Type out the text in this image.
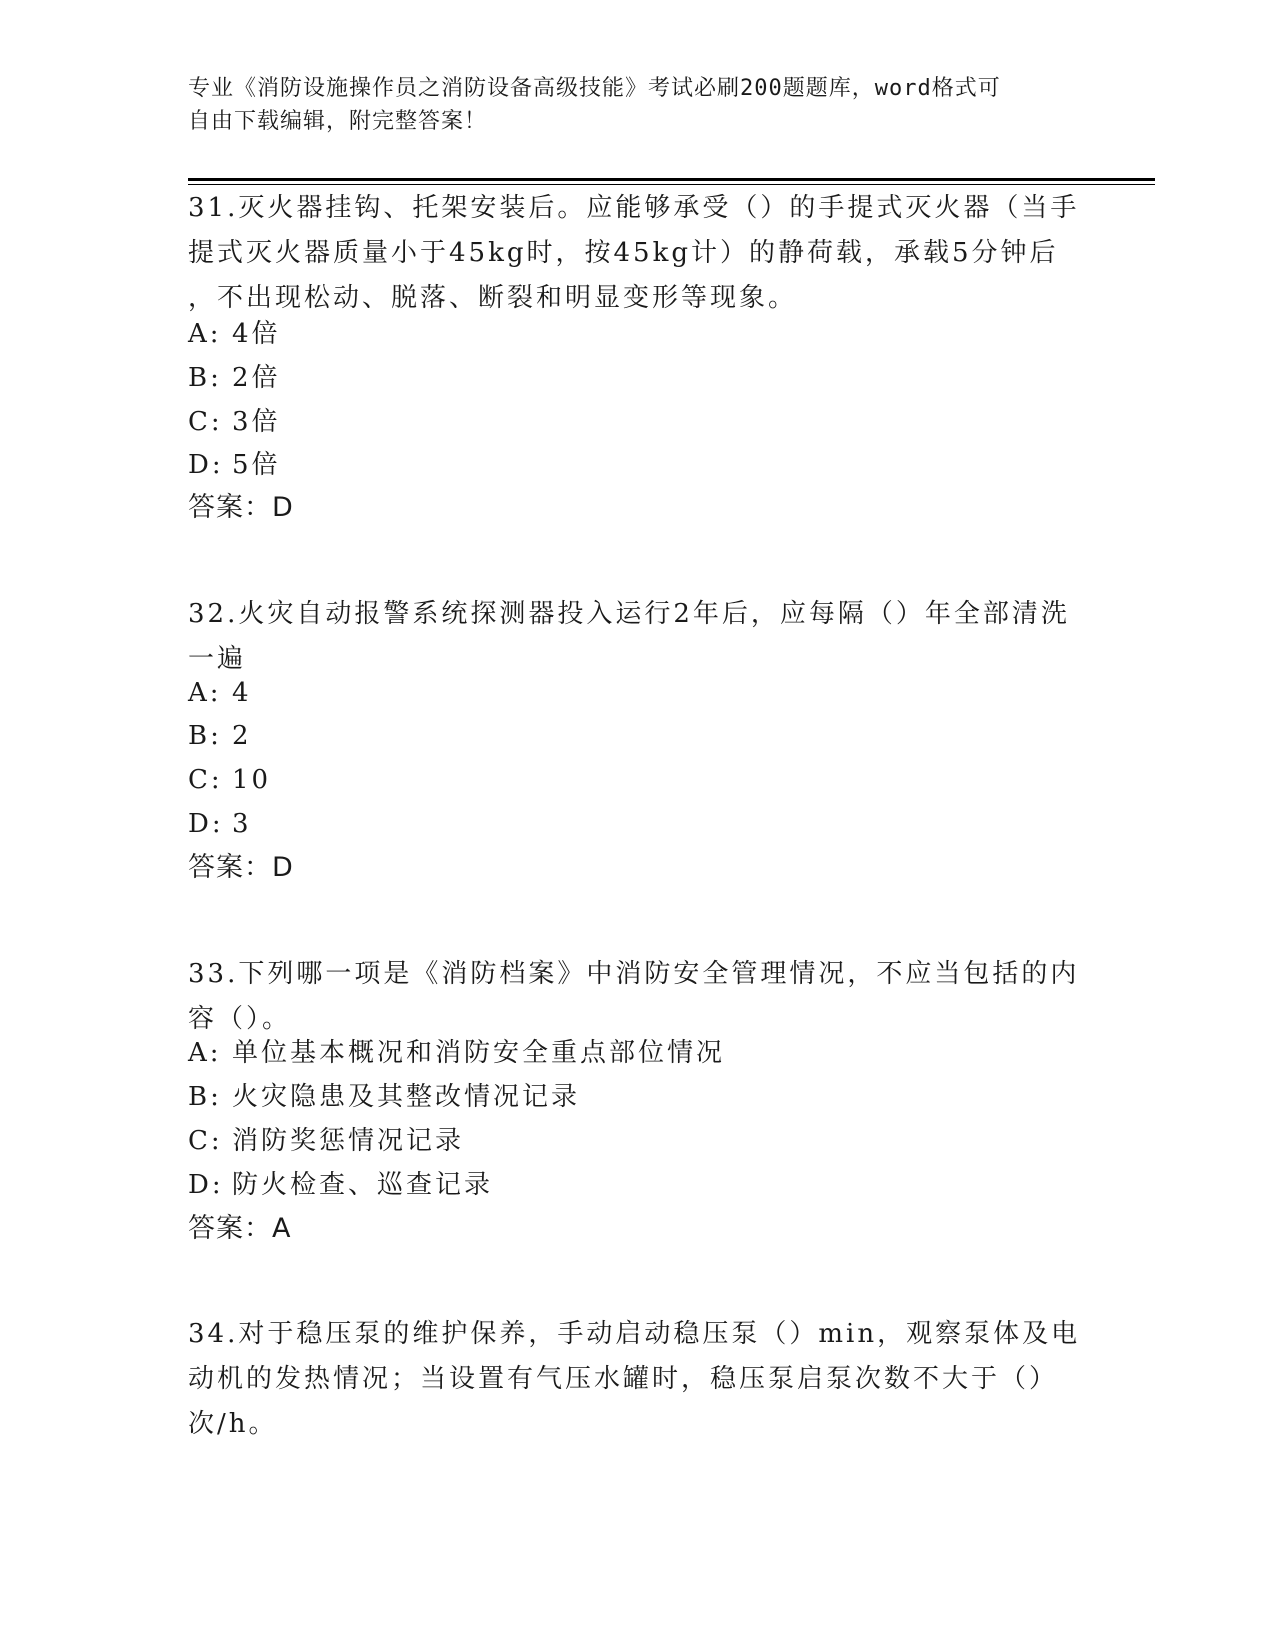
专业《消防设施操作员之消防设备高级技能》考试必刷200题题库，word格式可
自由下载编辑，附完整答案！
31.灭火器挂钩、托架安装后。应能够承受（）的手提式灭火器（当手
提式灭火器质量小于45kg时，按45kg计）的静荷载，承载5分钟后
，不出现松动、脱落、断裂和明显变形等现象。
A: 4倍
B: 2倍
C: 3倍
D: 5倍
答案：D
32.火灾自动报警系统探测器投入运行2年后，应每隔（）年全部清洗
一遍
A: 4
B: 2
C: 10
D: 3
答案：D
33.下列哪一项是《消防档案》中消防安全管理情况，不应当包括的内
容（）。
A: 单位基本概况和消防安全重点部位情况
B: 火灾隐患及其整改情况记录
C: 消防奖惩情况记录
D: 防火检查、巡查记录
答案：A
34.对于稳压泵的维护保养，手动启动稳压泵（）min，观察泵体及电
动机的发热情况；当设置有气压水罐时，稳压泵启泵次数不大于（）
次/h。
